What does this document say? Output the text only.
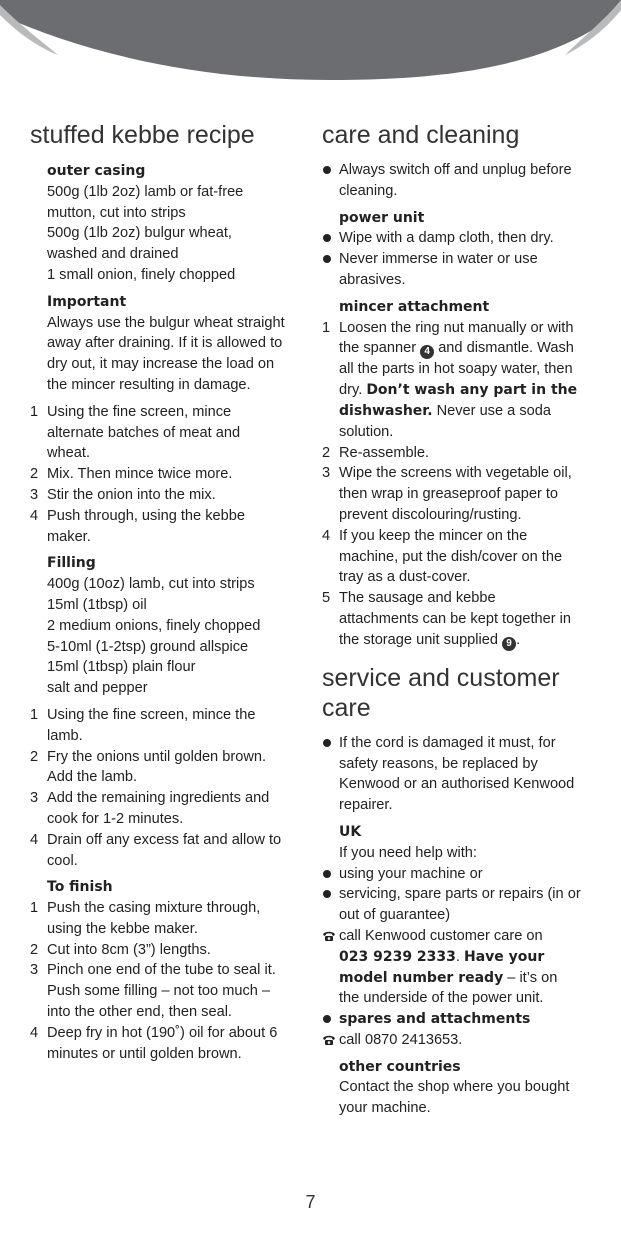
stuffed kebbe recipe

outer casing

500g (1lb 2oz) lamb or fat-free
mutton, cut into strips
500g (1lb 2oz) bulgur wheat,
washed and drained
1 small onion, finely chopped

Important

Always use the bulgur wheat straight
away after draining. If it is allowed to
dry out, it may increase the load on
the mincer resulting in damage.
1 Using the fine screen, mince
alternate batches of meat and
wheat.
2 Mix. Then mince twice more.
3 Stir the onion into the mix.
4 Push through, using the kebbe
maker.

Filling

400g (10oz) lamb, cut into strips
15ml (1tbsp) oil
2 medium onions, finely chopped
5-10ml (1-2tsp) ground allspice
15ml (1tbsp) plain flour
salt and pepper
1 Using the fine screen, mince the
lamb.
2 Fry the onions until golden brown.
Add the lamb.
3 Add the remaining ingredients and
cook for 1-2 minutes.
4 Drain off any excess fat and allow to
cool.

To finish

1 Push the casing mixture through,
using the kebbe maker.
2 Cut into 8cm (3”) lengths.
3 Pinch one end of the tube to seal it.
Push some filling – not too much –
into the other end, then seal.
4 Deep fry in hot (190˚) oil for about 6
minutes or until golden brown.
care and cleaning
Always switch off and unplug before
cleaning.

power unit

Wipe with a damp cloth, then dry.
Never immerse in water or use
abrasives.

mincer attachment

1 Loosen the ring nut manually or with
the spanner 4 and dismantle. Wash
all the parts in hot soapy water, then
dry. Don’t wash any part in the
dishwasher. Never use a soda
solution.
2 Re-assemble.
3 Wipe the screens with vegetable oil,
then wrap in greaseproof paper to
prevent discolouring/rusting.
4 If you keep the mincer on the
machine, put the dish/cover on the
tray as a dust-cover.
5 The sausage and kebbe
attachments can be kept together in
the storage unit supplied 9 .
service and customer
care
If the cord is damaged it must, for
safety reasons, be replaced by
Kenwood or an authorised Kenwood
repairer.

UK

If you need help with:
using your machine or
servicing, spare parts or repairs (in or
out of guarantee)
call Kenwood customer care on
023 9239 2333. Have your
model number ready – it’s on
the underside of the power unit.
spares and attachments
call 0870 2413653.

other countries

Contact the shop where you bought
your machine.
7
